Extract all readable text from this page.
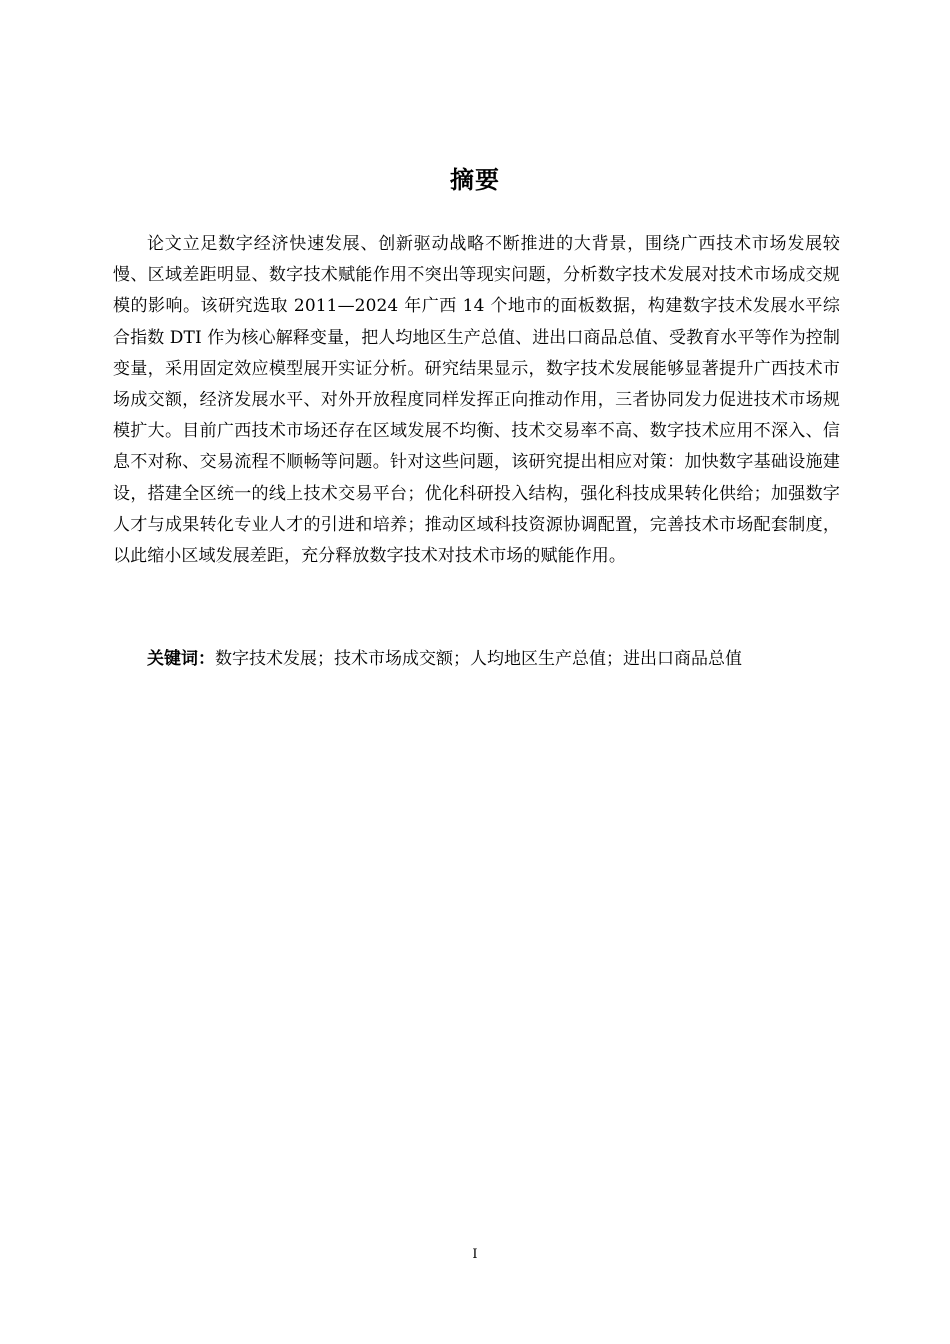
摘要

论文立足数字经济快速发展、创新驱动战略不断推进的大背景，围绕广西技术市场发展较慢、区域差距明显、数字技术赋能作用不突出等现实问题，分析数字技术发展对技术市场成交规模的影响。该研究选取 2011—2024 年广西 14 个地市的面板数据，构建数字技术发展水平综合指数 DTI 作为核心解释变量，把人均地区生产总值、进出口商品总值、受教育水平等作为控制变量，采用固定效应模型展开实证分析。研究结果显示，数字技术发展能够显著提升广西技术市场成交额，经济发展水平、对外开放程度同样发挥正向推动作用，三者协同发力促进技术市场规模扩大。目前广西技术市场还存在区域发展不均衡、技术交易率不高、数字技术应用不深入、信息不对称、交易流程不顺畅等问题。针对这些问题，该研究提出相应对策：加快数字基础设施建设，搭建全区统一的线上技术交易平台；优化科研投入结构，强化科技成果转化供给；加强数字人才与成果转化专业人才的引进和培养；推动区域科技资源协调配置，完善技术市场配套制度，以此缩小区域发展差距，充分释放数字技术对技术市场的赋能作用。

关键词：数字技术发展；技术市场成交额；人均地区生产总值；进出口商品总值
I
